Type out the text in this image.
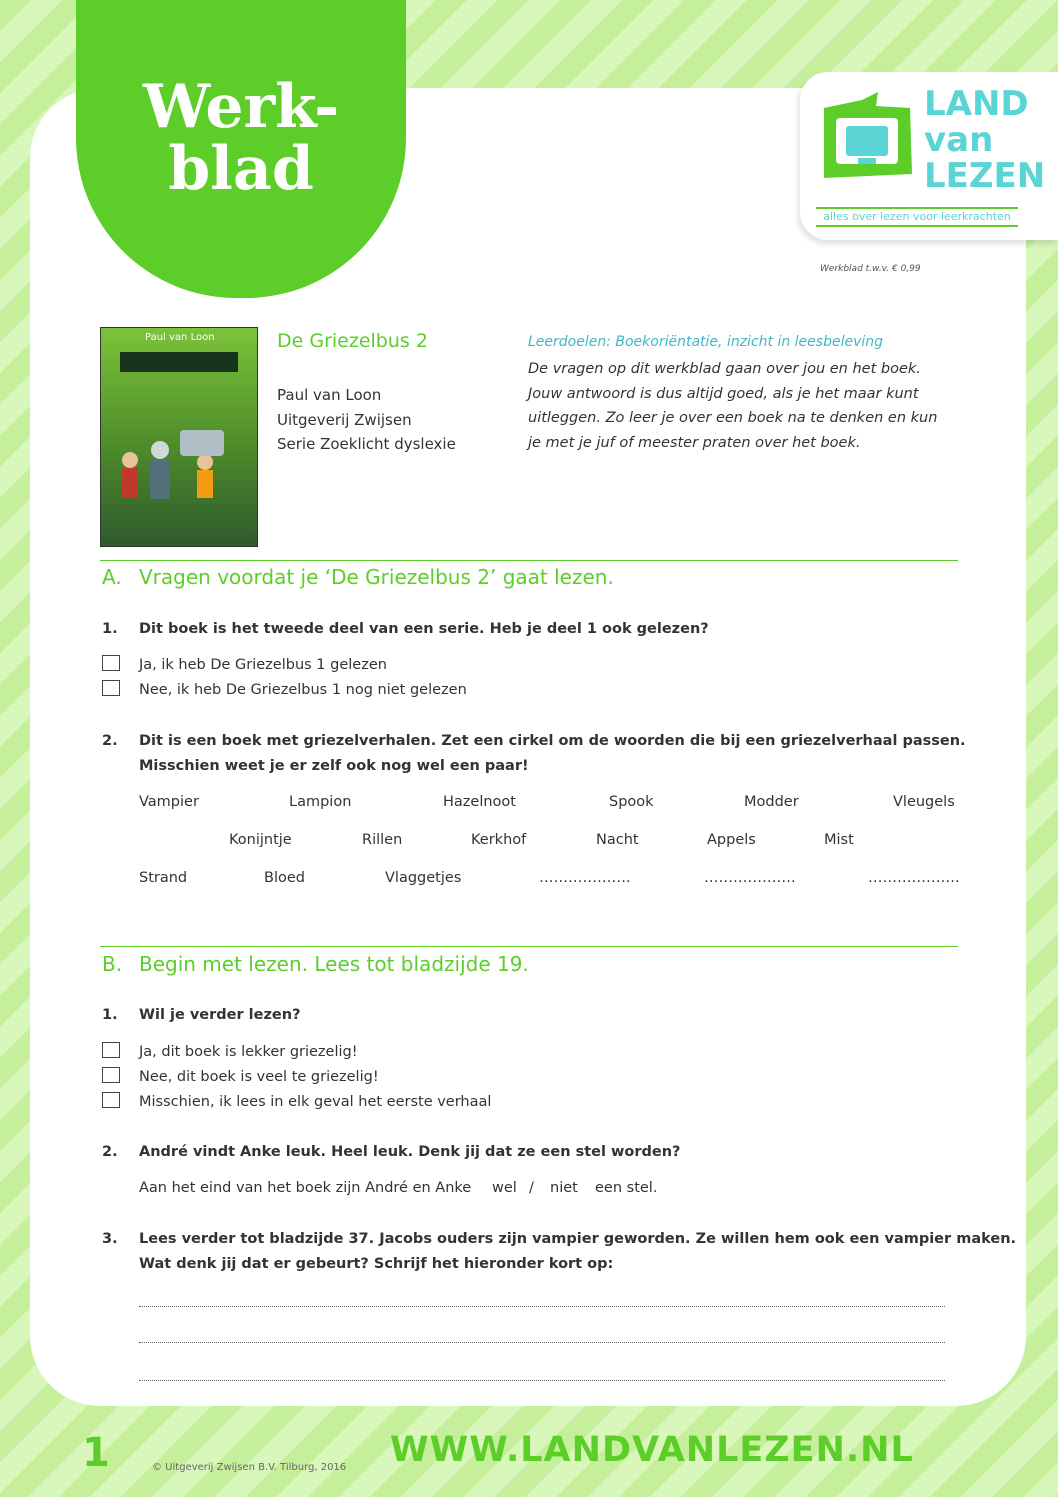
Werk-
blad
LAND
van
LEZEN
alles over lezen voor leerkrachten
Werkblad t.w.v. € 0,99
Paul van Loon	De Griezelbus 2
Paul van Loon
Uitgeverij Zwijsen
Serie Zoeklicht dyslexie
Leerdoelen: Boekoriëntatie, inzicht in leesbeleving
De vragen op dit werkblad gaan over jou en het boek.
Jouw antwoord is dus altijd goed, als je het maar kunt
uitleggen. Zo leer je over een boek na te denken en kun
je met je juf of meester praten over het boek.
A. Vragen voordat je ‘De Griezelbus 2’ gaat lezen.
1. Dit boek is het tweede deel van een serie. Heb je deel 1 ook gelezen?
Ja, ik heb De Griezelbus 1 gelezen
Nee, ik heb De Griezelbus 1 nog niet gelezen
2. Dit is een boek met griezelverhalen. Zet een cirkel om de woorden die bij een griezelverhaal passen.
Misschien weet je er zelf ook nog wel een paar!
Vampier	Lampion	Hazelnoot	Spook	Modder	Vleugels
Konijntje	Rillen	Kerkhof	Nacht	Appels	Mist
Strand	Bloed	Vlaggetjes	……………….	……………….	……………….
B. Begin met lezen. Lees tot bladzijde 19.
1. Wil je verder lezen?
Ja, dit boek is lekker griezelig!
Nee, dit boek is veel te griezelig!
Misschien, ik lees in elk geval het eerste verhaal
2. André vindt Anke leuk. Heel leuk. Denk jij dat ze een stel worden?
Aan het eind van het boek zijn André en Anke wel / niet een stel.
3. Lees verder tot bladzijde 37. Jacobs ouders zijn vampier geworden. Ze willen hem ook een vampier maken.
Wat denk jij dat er gebeurt? Schrijf het hieronder kort op:
1	© Uitgeverij Zwijsen B.V. Tilburg, 2016 WWW.LANDVANLEZEN.NL
